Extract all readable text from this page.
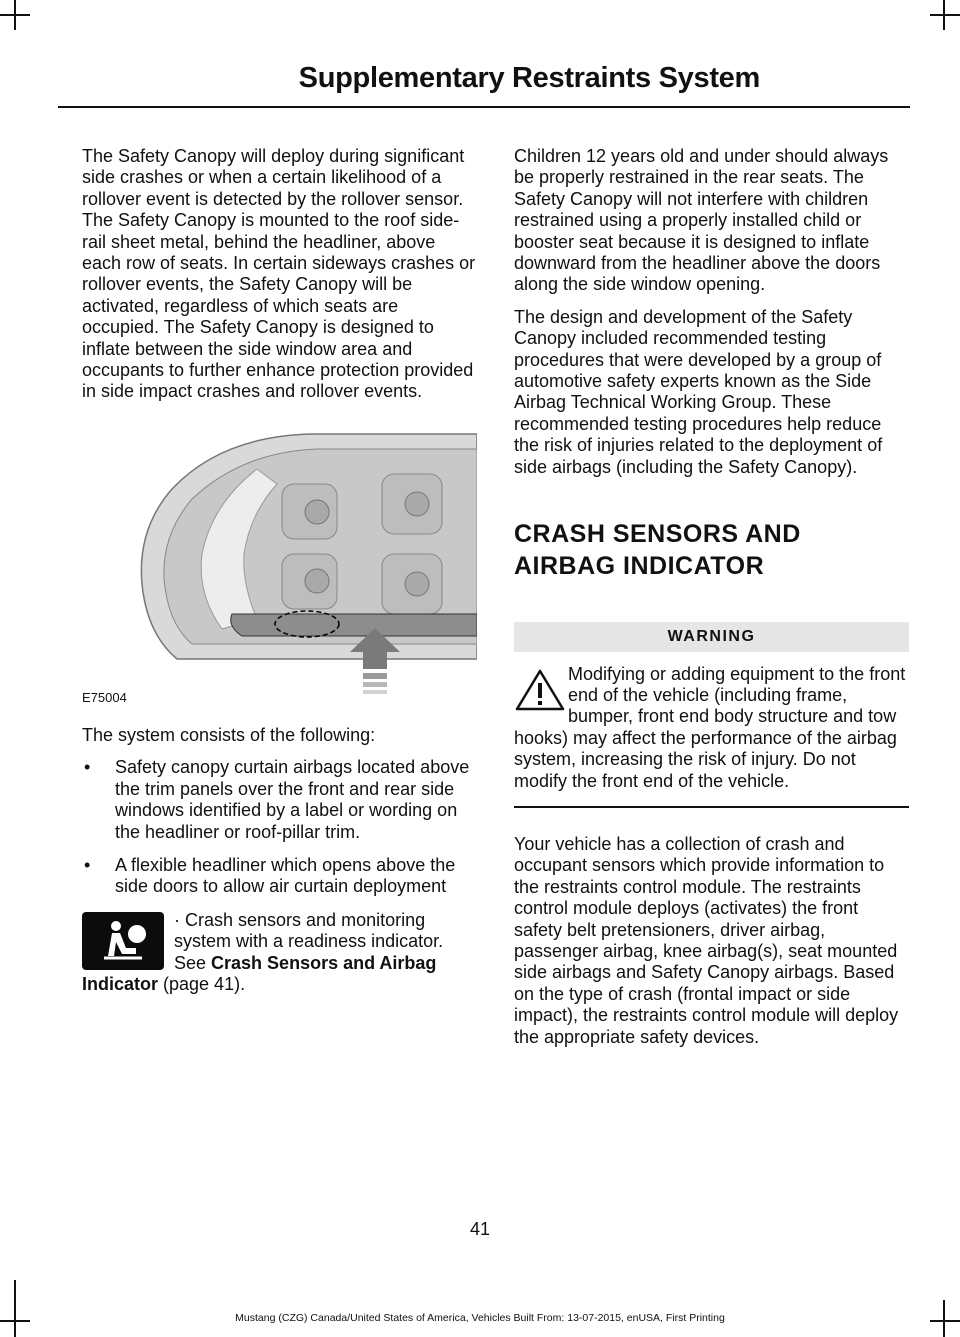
Supplementary Restraints System

The Safety Canopy will deploy during significant side crashes or when a certain likelihood of a rollover event is detected by the rollover sensor. The Safety Canopy is mounted to the roof side-rail sheet metal, behind the headliner, above each row of seats. In certain sideways crashes or rollover events, the Safety Canopy will be activated, regardless of which seats are occupied. The Safety Canopy is designed to inflate between the side window area and occupants to further enhance protection provided in side impact crashes and rollover events.

E75004

The system consists of the following:

• Safety canopy curtain airbags located above the trim panels over the front and rear side windows identified by a label or wording on the headliner or roof-pillar trim.
• A flexible headliner which opens above the side doors to allow air curtain deployment
· Crash sensors and monitoring system with a readiness indicator. See Crash Sensors and Airbag Indicator (page 41).

Children 12 years old and under should always be properly restrained in the rear seats. The Safety Canopy will not interfere with children restrained using a properly installed child or booster seat because it is designed to inflate downward from the headliner above the doors along the side window opening.

The design and development of the Safety Canopy included recommended testing procedures that were developed by a group of automotive safety experts known as the Side Airbag Technical Working Group. These recommended testing procedures help reduce the risk of injuries related to the deployment of side airbags (including the Safety Canopy).

CRASH SENSORS AND
AIRBAG INDICATOR
WARNING
Modifying or adding equipment to the front end of the vehicle (including frame, bumper, front end body structure and tow hooks) may affect the performance of the airbag system, increasing the risk of injury. Do not modify the front end of the vehicle.

Your vehicle has a collection of crash and occupant sensors which provide information to the restraints control module. The restraints control module deploys (activates) the front safety belt pretensioners, driver airbag, passenger airbag, knee airbag(s), seat mounted side airbags and Safety Canopy airbags. Based on the type of crash (frontal impact or side impact), the restraints control module will deploy the appropriate safety devices.

41
Mustang (CZG) Canada/United States of America, Vehicles Built From: 13-07-2015, enUSA, First Printing
